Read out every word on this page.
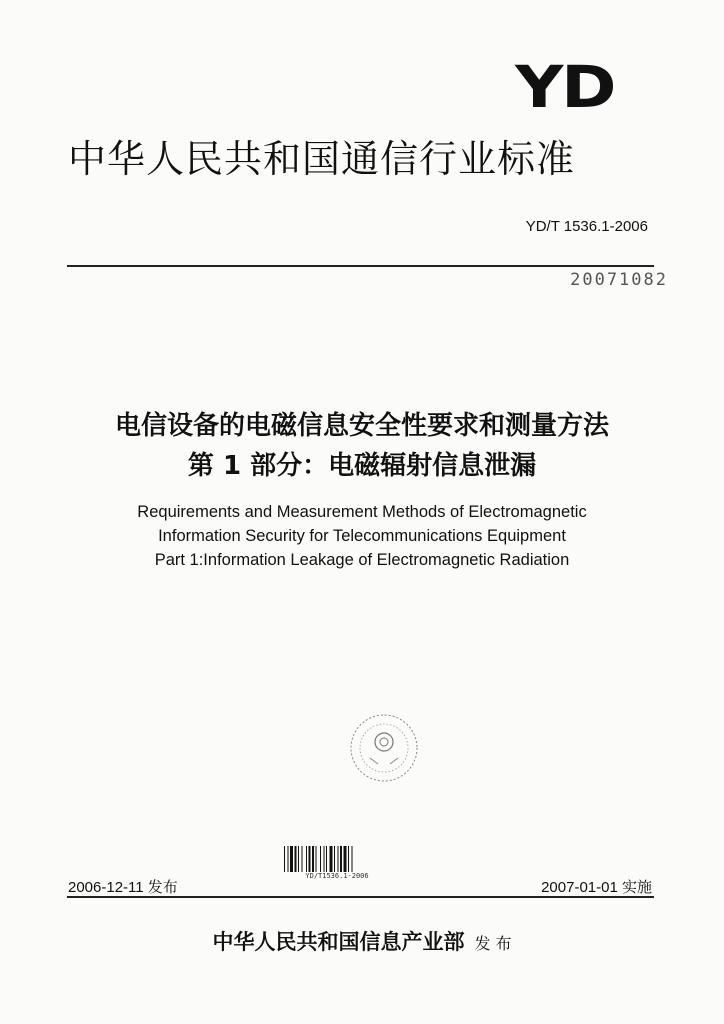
YD
中华人民共和国通信行业标准
YD/T 1536.1-2006
20071082
电信设备的电磁信息安全性要求和测量方法
第 1 部分：电磁辐射信息泄漏
Requirements and Measurement Methods of Electromagnetic
Information Security for Telecommunications Equipment
Part 1:Information Leakage of Electromagnetic Radiation
YD/T1536.1-2006
2006-12-11 发布	2007-01-01 实施
中华人民共和国信息产业部 发 布
